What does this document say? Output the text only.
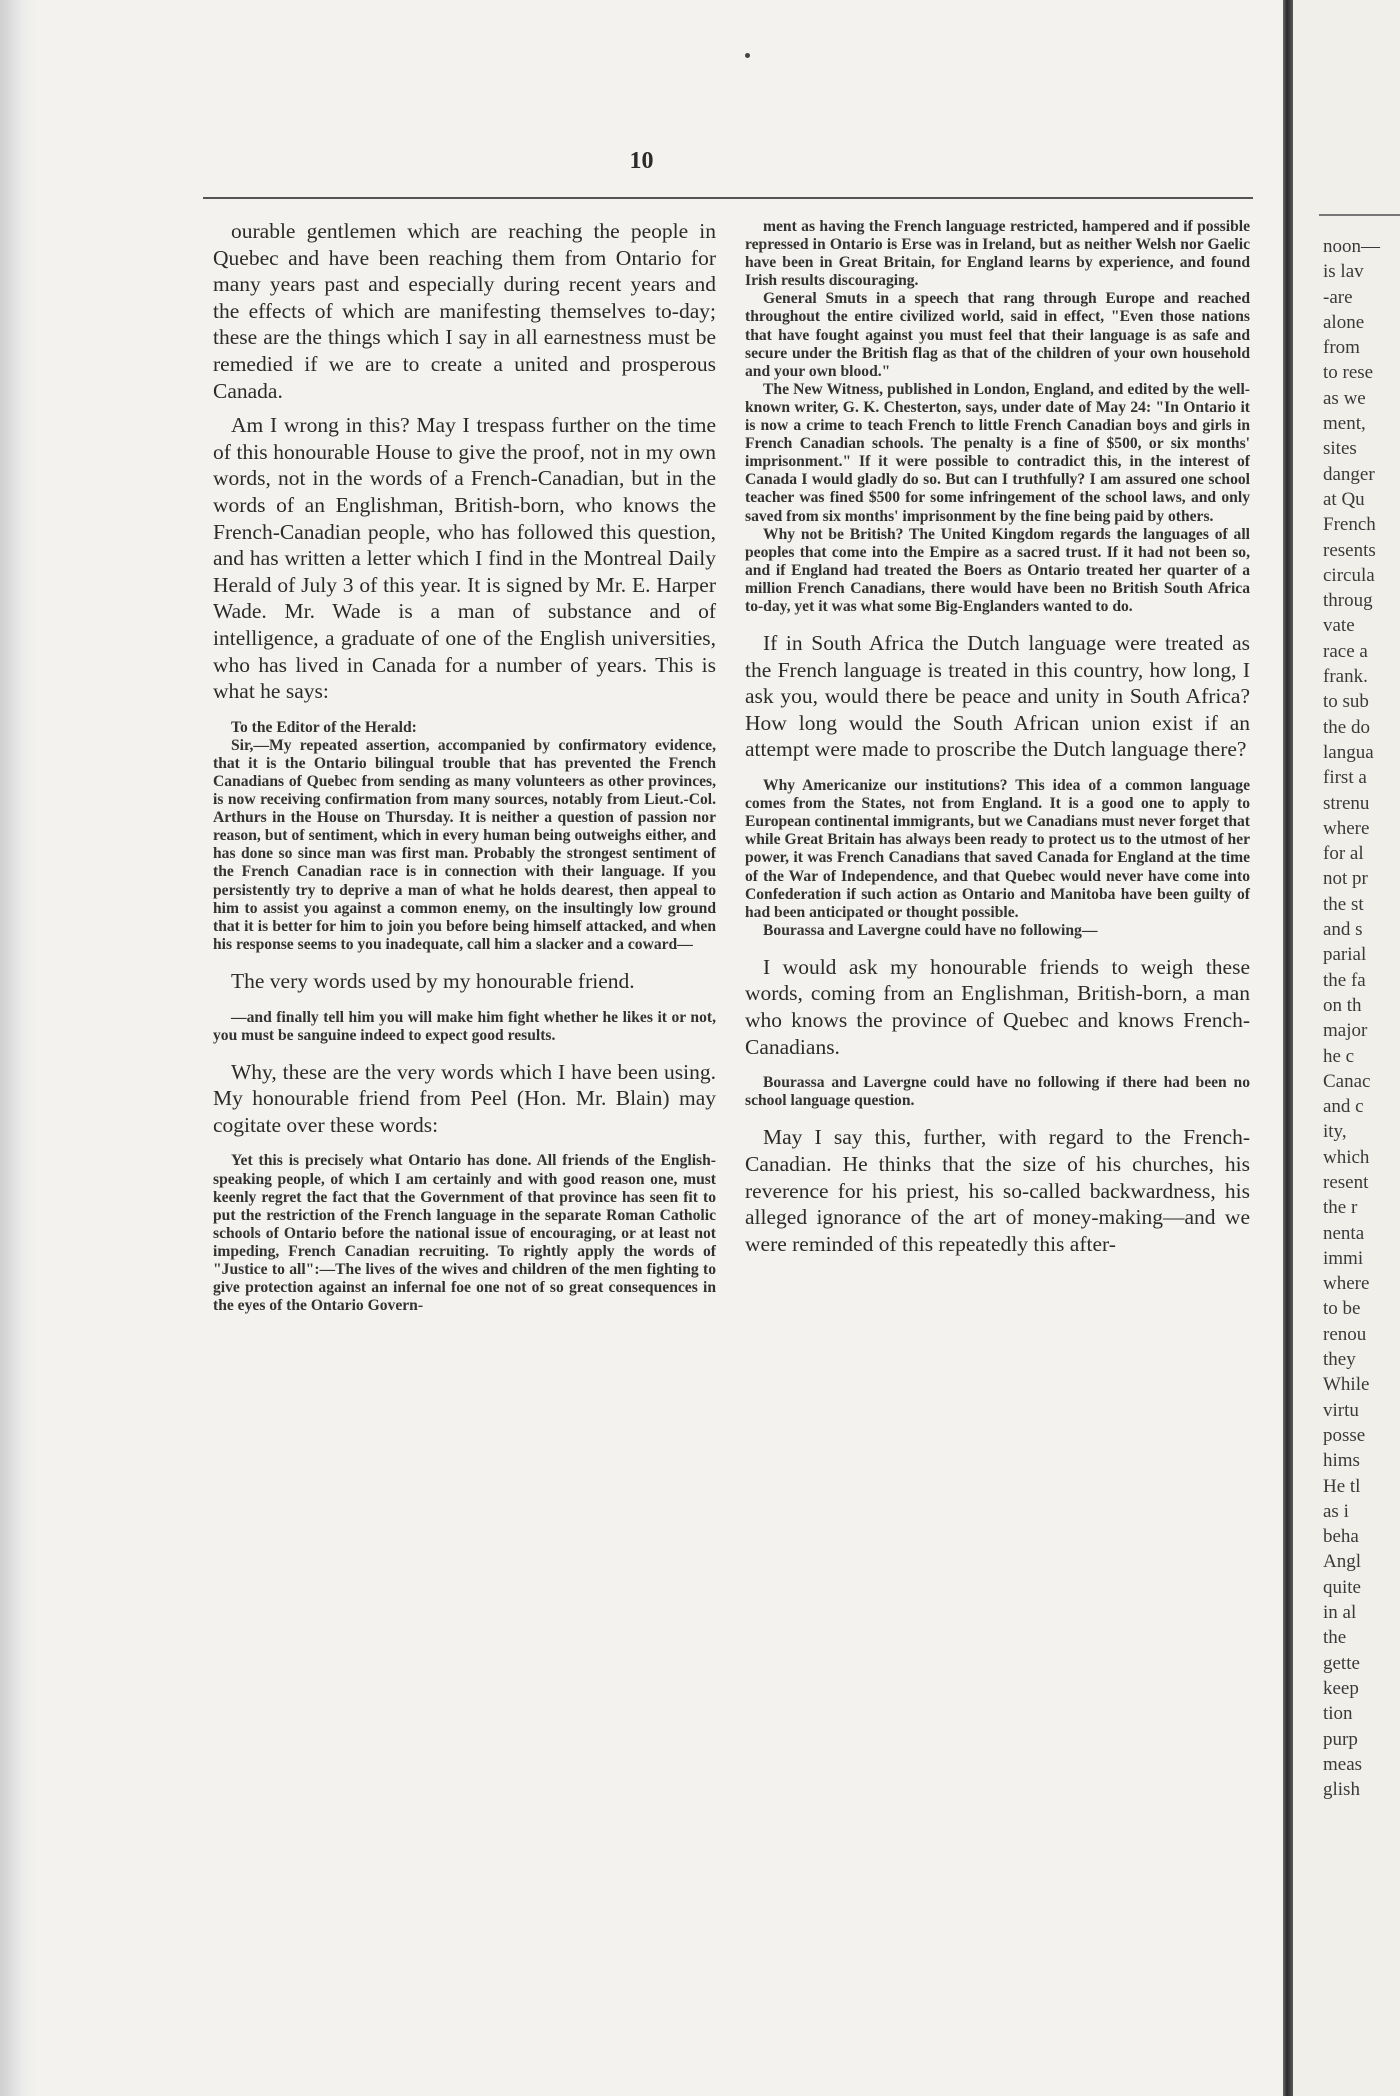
10

ourable gentlemen which are reaching the people in Quebec and have been reaching them from Ontario for many years past and especially during recent years and the effects of which are manifesting themselves to-day; these are the things which I say in all earnestness must be remedied if we are to create a united and prosperous Canada.

Am I wrong in this? May I trespass further on the time of this honourable House to give the proof, not in my own words, not in the words of a French-Canadian, but in the words of an Englishman, British-born, who knows the French-Canadian people, who has followed this question, and has written a letter which I find in the Montreal Daily Herald of July 3 of this year. It is signed by Mr. E. Harper Wade. Mr. Wade is a man of substance and of intelligence, a graduate of one of the English universities, who has lived in Canada for a number of years. This is what he says:

To the Editor of the Herald:

Sir,—My repeated assertion, accompanied by confirmatory evidence, that it is the Ontario bilingual trouble that has prevented the French Canadians of Quebec from sending as many volunteers as other provinces, is now receiving confirmation from many sources, notably from Lieut.-Col. Arthurs in the House on Thursday. It is neither a question of passion nor reason, but of sentiment, which in every human being outweighs either, and has done so since man was first man. Probably the strongest sentiment of the French Canadian race is in connection with their language. If you persistently try to deprive a man of what he holds dearest, then appeal to him to assist you against a common enemy, on the insultingly low ground that it is better for him to join you before being himself attacked, and when his response seems to you inadequate, call him a slacker and a coward—

The very words used by my honourable friend.

—and finally tell him you will make him fight whether he likes it or not, you must be sanguine indeed to expect good results.

Why, these are the very words which I have been using. My honourable friend from Peel (Hon. Mr. Blain) may cogitate over these words:

Yet this is precisely what Ontario has done. All friends of the English-speaking people, of which I am certainly and with good reason one, must keenly regret the fact that the Government of that province has seen fit to put the restriction of the French language in the separate Roman Catholic schools of Ontario before the national issue of encouraging, or at least not impeding, French Canadian recruiting. To rightly apply the words of "Justice to all":—The lives of the wives and children of the men fighting to give protection against an infernal foe one not of so great consequences in the eyes of the Ontario Govern-

ment as having the French language restricted, hampered and if possible repressed in Ontario is Erse was in Ireland, but as neither Welsh nor Gaelic have been in Great Britain, for England learns by experience, and found Irish results discouraging.

General Smuts in a speech that rang through Europe and reached throughout the entire civilized world, said in effect, "Even those nations that have fought against you must feel that their language is as safe and secure under the British flag as that of the children of your own household and your own blood."

The New Witness, published in London, England, and edited by the well-known writer, G. K. Chesterton, says, under date of May 24: "In Ontario it is now a crime to teach French to little French Canadian boys and girls in French Canadian schools. The penalty is a fine of $500, or six months' imprisonment." If it were possible to contradict this, in the interest of Canada I would gladly do so. But can I truthfully? I am assured one school teacher was fined $500 for some infringement of the school laws, and only saved from six months' imprisonment by the fine being paid by others.

Why not be British? The United Kingdom regards the languages of all peoples that come into the Empire as a sacred trust. If it had not been so, and if England had treated the Boers as Ontario treated her quarter of a million French Canadians, there would have been no British South Africa to-day, yet it was what some Big-Englanders wanted to do.

If in South Africa the Dutch language were treated as the French language is treated in this country, how long, I ask you, would there be peace and unity in South Africa? How long would the South African union exist if an attempt were made to proscribe the Dutch language there?

Why Americanize our institutions? This idea of a common language comes from the States, not from England. It is a good one to apply to European continental immigrants, but we Canadians must never forget that while Great Britain has always been ready to protect us to the utmost of her power, it was French Canadians that saved Canada for England at the time of the War of Independence, and that Quebec would never have come into Confederation if such action as Ontario and Manitoba have been guilty of had been anticipated or thought possible.

Bourassa and Lavergne could have no following—

I would ask my honourable friends to weigh these words, coming from an Englishman, British-born, a man who knows the province of Quebec and knows French-Canadians.

Bourassa and Lavergne could have no following if there had been no school language question.

May I say this, further, with regard to the French-Canadian. He thinks that the size of his churches, his reverence for his priest, his so-called backwardness, his alleged ignorance of the art of money-making—and we were reminded of this repeatedly this after-

noon—
is lav
-are
alone
from
to rese
as we
ment,
sites
danger
at Qu
French
resents
circula
throug
vate
race a
frank.
to sub
the do
langua
first a
strenu
where
for al
not pr
the st
and s
parial
the fa
on th
major
he c
Canac
and c
ity,
which
resent
the r
nenta
immi
where
to be
renou
they
While
virtu
posse
hims
He tl
as i
beha
Angl
quite
in al
the
gette
keep
tion
purp
meas
glish
